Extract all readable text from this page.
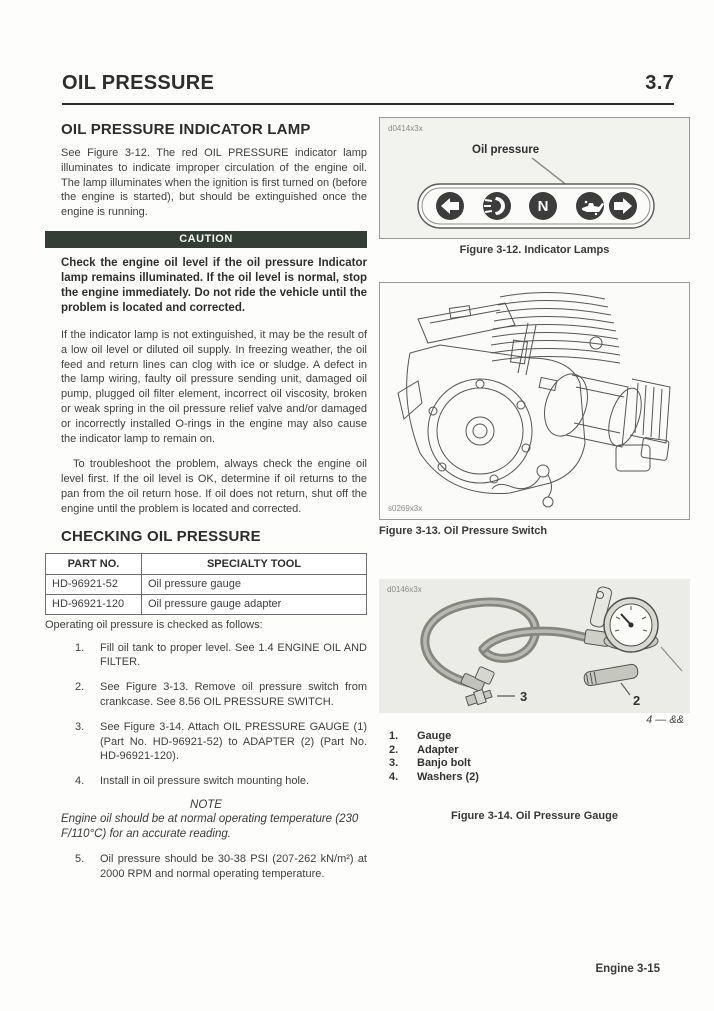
OIL PRESSURE	3.7
OIL PRESSURE INDICATOR LAMP

See Figure 3-12. The red OIL PRESSURE indicator lamp illuminates to indicate improper circulation of the engine oil. The lamp illuminates when the ignition is first turned on (before the engine is started), but should be extinguished once the engine is running.

CAUTION

Check the engine oil level if the oil pressure Indicator lamp remains illuminated. If the oil level is normal, stop the engine immediately. Do not ride the vehicle until the problem is located and corrected.

If the indicator lamp is not extinguished, it may be the result of a low oil level or diluted oil supply. In freezing weather, the oil feed and return lines can clog with ice or sludge. A defect in the lamp wiring, faulty oil pressure sending unit, damaged oil pump, plugged oil filter element, incorrect oil viscosity, broken or weak spring in the oil pressure relief valve and/or damaged or incorrectly installed O-rings in the engine may also cause the indicator lamp to remain on.

To troubleshoot the problem, always check the engine oil level first. If the oil level is OK, determine if oil returns to the pan from the oil return hose. If oil does not return, shut off the engine until the problem is located and corrected.

CHECKING OIL PRESSURE
PART NO.	SPECIALTY TOOL
HD-96921-52	Oil pressure gauge
HD-96921-120	Oil pressure gauge adapter

Operating oil pressure is checked as follows:

1.	Fill oil tank to proper level. See 1.4 ENGINE OIL AND FILTER.
2.	See Figure 3-13. Remove oil pressure switch from crankcase. See 8.56 OIL PRESSURE SWITCH.
3.	See Figure 3-14. Attach OIL PRESSURE GAUGE (1) (Part No. HD-96921-52) to ADAPTER (2) (Part No. HD-96921-120).
4.	Install in oil pressure switch mounting hole.
NOTE

Engine oil should be at normal operating temperature (230 F/110°C) for an accurate reading.

5.	Oil pressure should be 30-38 PSI (207-262 kN/m²) at 2000 RPM and normal operating temperature.
d0414x3x
Oil pressure
N
Figure 3-12. Indicator Lamps
s0269x3x
Figure 3-13. Oil Pressure Switch
d0146x3x
2
3
4 — &&
1.	Gauge
2.	Adapter
3.	Banjo bolt
4.	Washers (2)
Figure 3-14. Oil Pressure Gauge
Engine 3-15
